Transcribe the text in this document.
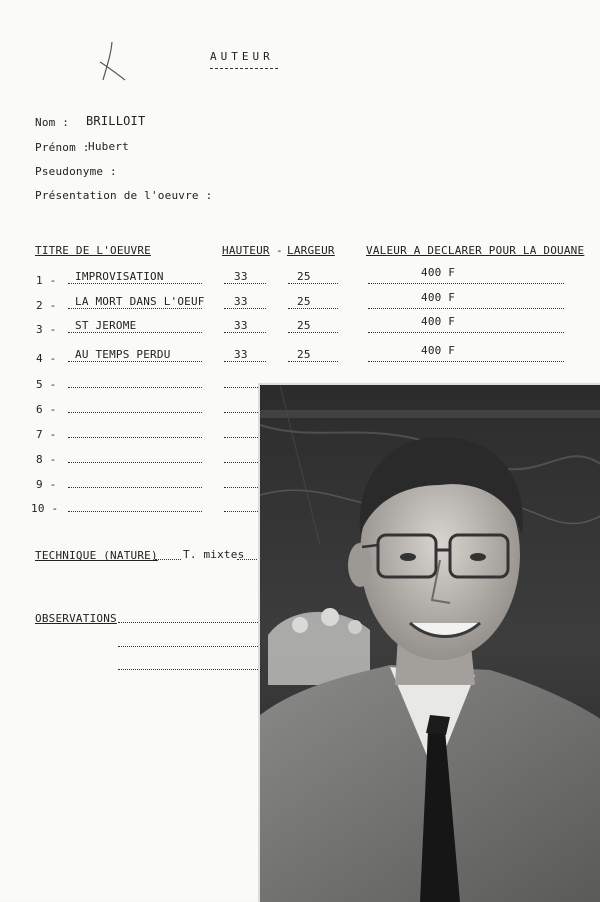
AUTEUR
Nom : BRILLOIT
Prénom :
Hubert
Pseudonyme :
Présentation de l'oeuvre :
TITRE DE L'OEUVRE	HAUTEUR - LARGEUR	VALEUR A DECLARER POUR LA DOUANE
1 - IMPROVISATION	33	25	400 F
2 - LA MORT DANS L'OEUF	33	25	400 F
3 - ST JEROME	33	25	400 F
4 - AU TEMPS PERDU	33	25	400 F
5 -
6 -
7 -
8 -
9 -
10 -
TECHNIQUE (NATURE) T. mixtes
OBSERVATIONS
